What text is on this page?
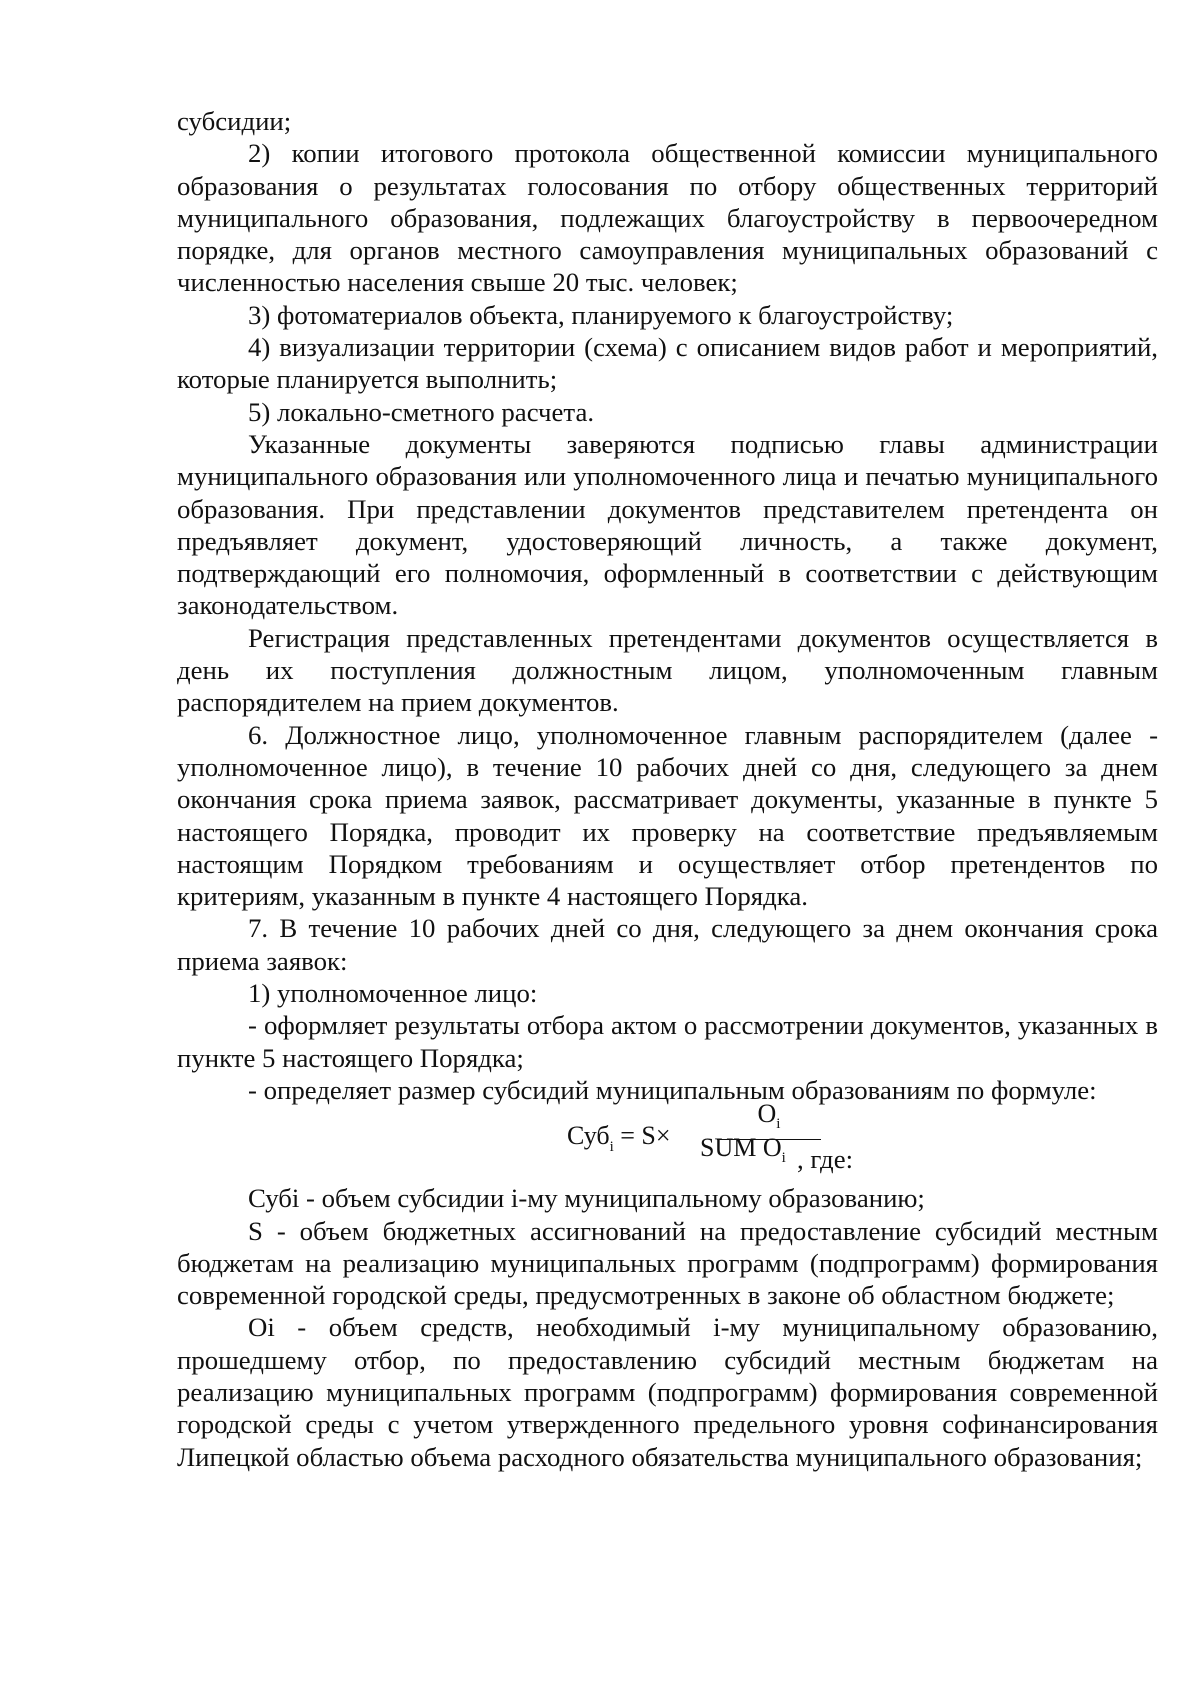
субсидии;

2) копии итогового протокола общественной комиссии муниципального образования о результатах голосования по отбору общественных территорий муниципального образования, подлежащих благоустройству в первоочередном порядке, для органов местного самоуправления муниципальных образований с численностью населения свыше 20 тыс. человек;

3) фотоматериалов объекта, планируемого к благоустройству;

4) визуализации территории (схема) с описанием видов работ и мероприятий, которые планируется выполнить;

5) локально-сметного расчета.

Указанные документы заверяются подписью главы администрации муниципального образования или уполномоченного лица и печатью муниципального образования. При представлении документов представителем претендента он предъявляет документ, удостоверяющий личность, а также документ, подтверждающий его полномочия, оформленный в соответствии с действующим законодательством.

Регистрация представленных претендентами документов осуществляется в день их поступления должностным лицом, уполномоченным главным распорядителем на прием документов.

6. Должностное лицо, уполномоченное главным распорядителем (далее - уполномоченное лицо), в течение 10 рабочих дней со дня, следующего за днем окончания срока приема заявок, рассматривает документы, указанные в пункте 5 настоящего Порядка, проводит их проверку на соответствие предъявляемым настоящим Порядком требованиям и осуществляет отбор претендентов по критериям, указанным в пункте 4 настоящего Порядка.

7. В течение 10 рабочих дней со дня, следующего за днем окончания срока приема заявок:

1) уполномоченное лицо:

- оформляет результаты отбора актом о рассмотрении документов, указанных в пункте 5 настоящего Порядка;

- определяет размер субсидий муниципальным образованиям по формуле:

Суб$_i$ = S×
$O_i$
SUM $O_i$ , где:

Субi - объем субсидии i-му муниципальному образованию;

S - объем бюджетных ассигнований на предоставление субсидий местным бюджетам на реализацию муниципальных программ (подпрограмм) формирования современной городской среды, предусмотренных в законе об областном бюджете;

Оi - объем средств, необходимый i-му муниципальному образованию, прошедшему отбор, по предоставлению субсидий местным бюджетам на реализацию муниципальных программ (подпрограмм) формирования современной городской среды с учетом утвержденного предельного уровня софинансирования Липецкой областью объема расходного обязательства муниципального образования;
